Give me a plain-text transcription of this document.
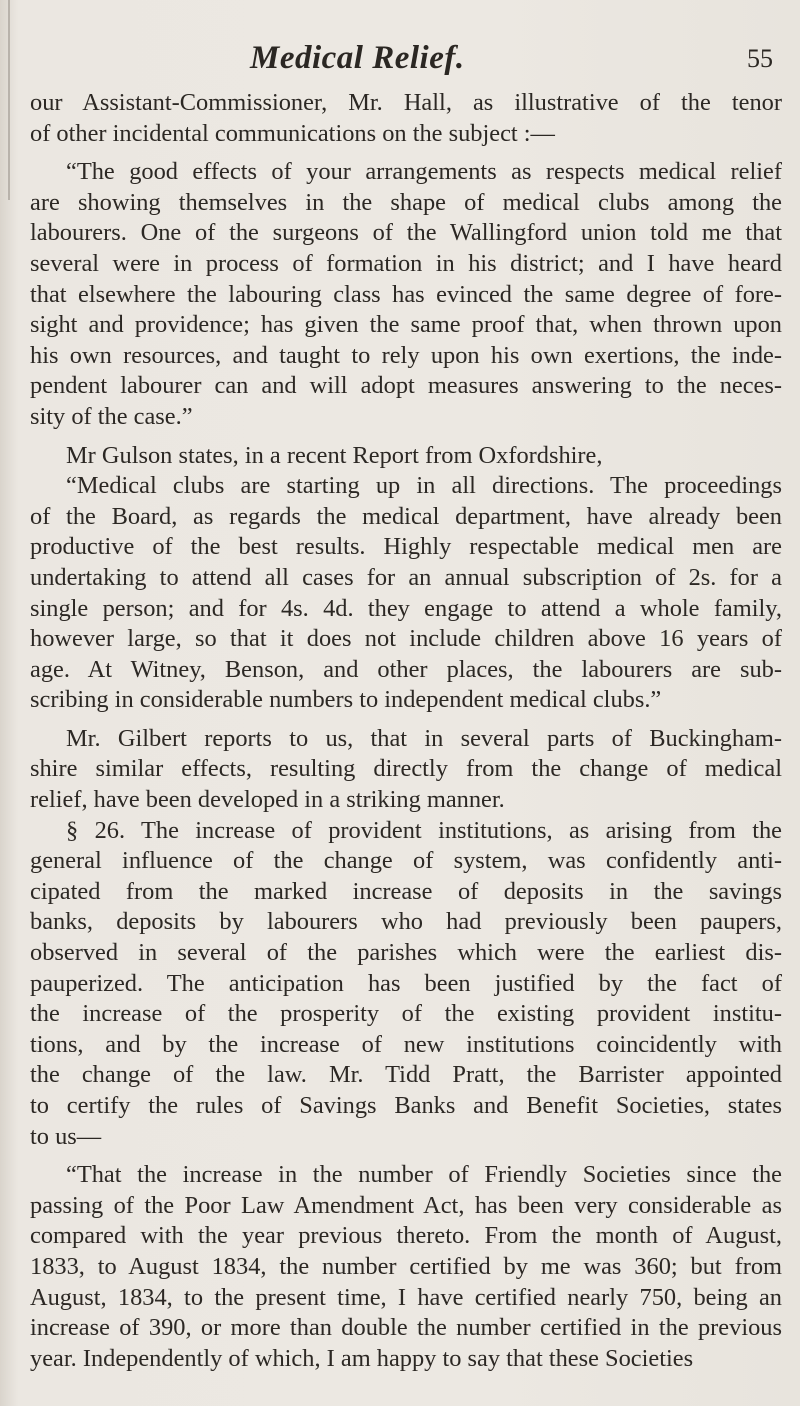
Medical Relief.	55

our Assistant-Commissioner, Mr. Hall, as illustrative of the tenor
of other incidental communications on the subject :—

“The good effects of your arrangements as respects medical relief
are showing themselves in the shape of medical clubs among the
labourers. One of the surgeons of the Wallingford union told me that
several were in process of formation in his district; and I have heard
that elsewhere the labouring class has evinced the same degree of fore-
sight and providence; has given the same proof that, when thrown upon
his own resources, and taught to rely upon his own exertions, the inde-
pendent labourer can and will adopt measures answering to the neces-
sity of the case.”

Mr Gulson states, in a recent Report from Oxfordshire,

“Medical clubs are starting up in all directions. The proceedings
of the Board, as regards the medical department, have already been
productive of the best results. Highly respectable medical men are
undertaking to attend all cases for an annual subscription of 2s. for a
single person; and for 4s. 4d. they engage to attend a whole family,
however large, so that it does not include children above 16 years of
age. At Witney, Benson, and other places, the labourers are sub-
scribing in considerable numbers to independent medical clubs.”

Mr. Gilbert reports to us, that in several parts of Buckingham-
shire similar effects, resulting directly from the change of medical
relief, have been developed in a striking manner.

§ 26. The increase of provident institutions, as arising from the
general influence of the change of system, was confidently anti-
cipated from the marked increase of deposits in the savings
banks, deposits by labourers who had previously been paupers,
observed in several of the parishes which were the earliest dis-
pauperized. The anticipation has been justified by the fact of
the increase of the prosperity of the existing provident institu-
tions, and by the increase of new institutions coincidently with
the change of the law. Mr. Tidd Pratt, the Barrister appointed
to certify the rules of Savings Banks and Benefit Societies, states
to us—

“That the increase in the number of Friendly Societies since the
passing of the Poor Law Amendment Act, has been very considerable as
compared with the year previous thereto. From the month of August,
1833, to August 1834, the number certified by me was 360; but from
August, 1834, to the present time, I have certified nearly 750, being an
increase of 390, or more than double the number certified in the previous
year. Independently of which, I am happy to say that these Societies
